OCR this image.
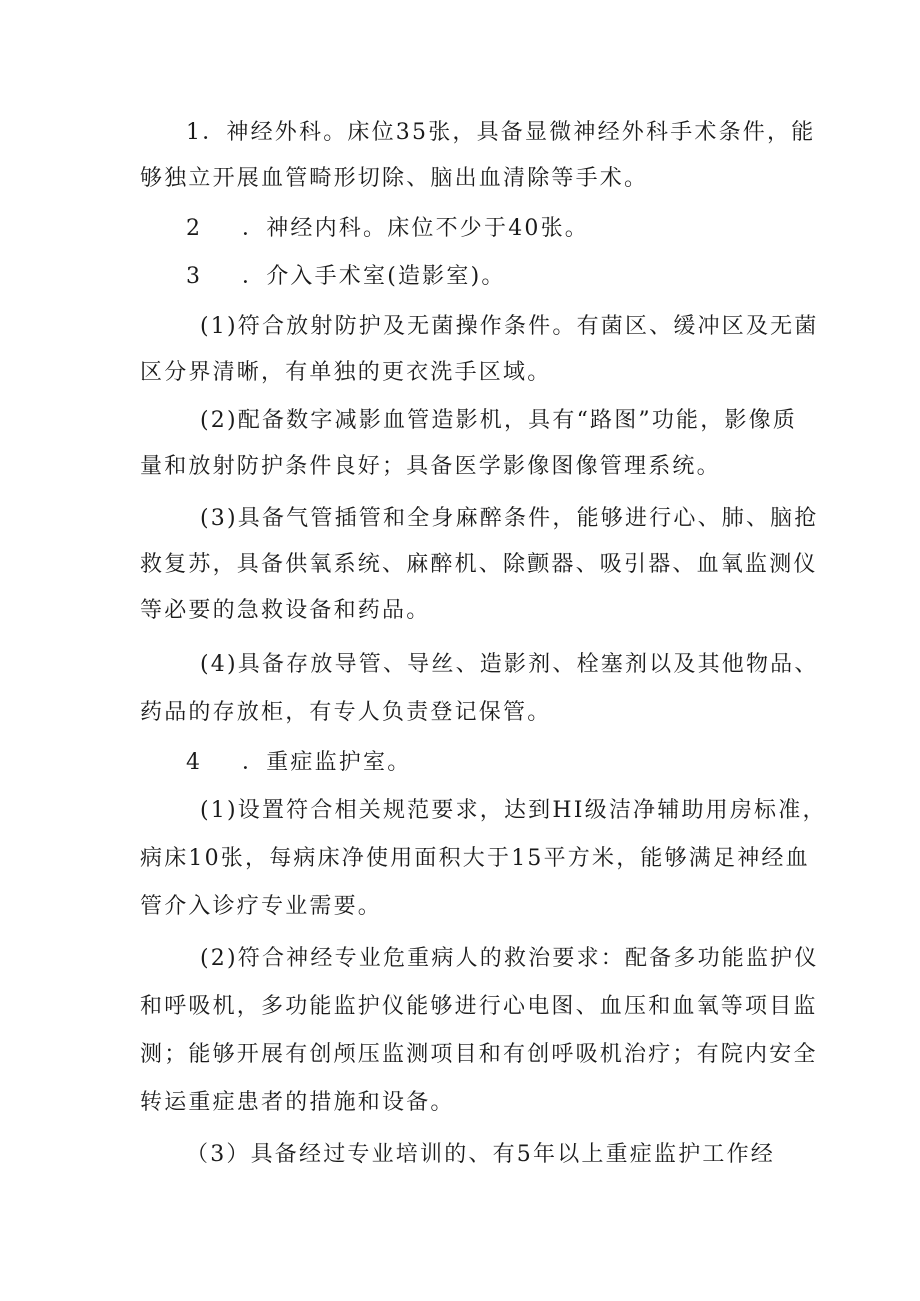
1．神经外科。床位35张，具备显微神经外科手术条件，能
够独立开展血管畸形切除、脑出血清除等手术。
2 ．神经内科。床位不少于40张。
3 ．介入手术室(造影室)。
(1)符合放射防护及无菌操作条件。有菌区、缓冲区及无菌
区分界清晰，有单独的更衣洗手区域。
(2)配备数字减影血管造影机，具有“路图”功能，影像质
量和放射防护条件良好；具备医学影像图像管理系统。
(3)具备气管插管和全身麻醉条件，能够进行心、肺、脑抢
救复苏，具备供氧系统、麻醉机、除颤器、吸引器、血氧监测仪
等必要的急救设备和药品。
(4)具备存放导管、导丝、造影剂、栓塞剂以及其他物品、
药品的存放柜，有专人负责登记保管。
4 ．重症监护室。
(1)设置符合相关规范要求，达到HI级洁净辅助用房标准，
病床10张，每病床净使用面积大于15平方米，能够满足神经血
管介入诊疗专业需要。
(2)符合神经专业危重病人的救治要求：配备多功能监护仪
和呼吸机，多功能监护仪能够进行心电图、血压和血氧等项目监
测；能够开展有创颅压监测项目和有创呼吸机治疗；有院内安全
转运重症患者的措施和设备。
（3）具备经过专业培训的、有5年以上重症监护工作经
